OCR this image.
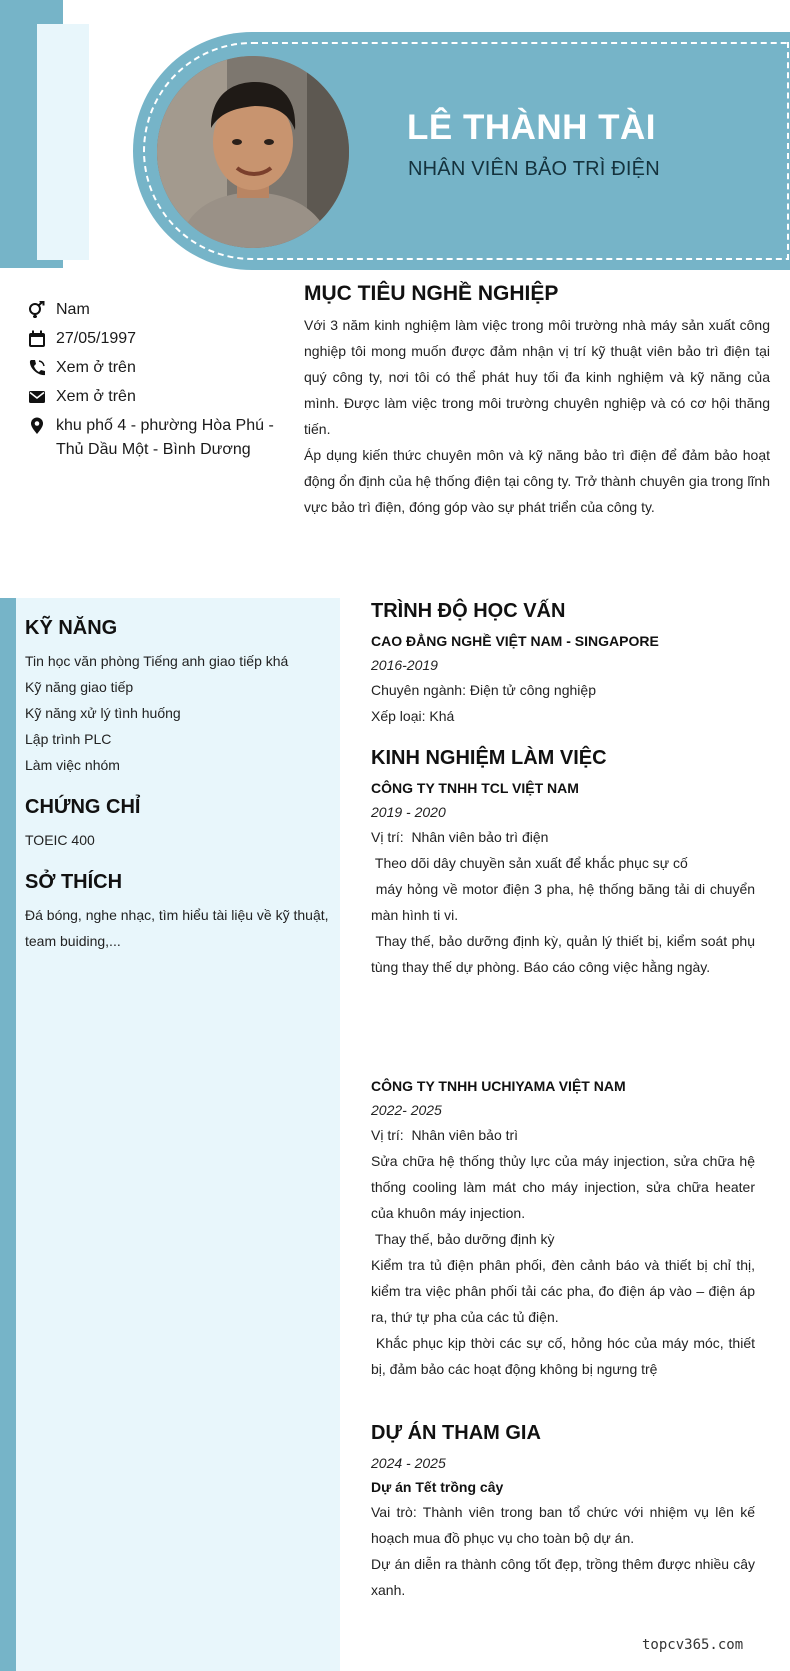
LÊ THÀNH TÀI
NHÂN VIÊN BẢO TRÌ ĐIỆN
Nam
27/05/1997
Xem ở trên
Xem ở trên
khu phố 4 - phường Hòa Phú - Thủ Dầu Một - Bình Dương
MỤC TIÊU NGHỀ NGHIỆP
Với 3 năm kinh nghiệm làm việc trong môi trường nhà máy sản xuất công nghiệp tôi mong muốn được đảm nhận vị trí kỹ thuật viên bảo trì điện tại quý công ty, nơi tôi có thể phát huy tối đa kinh nghiệm và kỹ năng của mình. Được làm việc trong môi trường chuyên nghiệp và có cơ hội thăng tiến.
Áp dụng kiến thức chuyên môn và kỹ năng bảo trì điện để đảm bảo hoạt động ổn định của hệ thống điện tại công ty. Trở thành chuyên gia trong lĩnh vực bảo trì điện, đóng góp vào sự phát triển của công ty.
KỸ NĂNG
Tin học văn phòng Tiếng anh giao tiếp khá
Kỹ năng giao tiếp
Kỹ năng xử lý tình huống
Lập trình PLC
Làm việc nhóm
CHỨNG CHỈ
TOEIC 400
SỞ THÍCH
Đá bóng, nghe nhạc, tìm hiểu tài liệu về kỹ thuật, team buiding,...
TRÌNH ĐỘ HỌC VẤN
CAO ĐẲNG NGHỀ VIỆT NAM - SINGAPORE
2016-2019
Chuyên ngành: Điện tử công nghiệp
Xếp loại: Khá
KINH NGHIỆM LÀM VIỆC
CÔNG TY TNHH TCL VIỆT NAM
2019 - 2020
Vị trí:  Nhân viên bảo trì điện
Theo dõi dây chuyền sản xuất để khắc phục sự cố
máy hỏng về motor điện 3 pha, hệ thống băng tải di chuyển màn hình ti vi.
Thay thế, bảo dưỡng định kỳ, quản lý thiết bị, kiểm soát phụ tùng thay thế dự phòng. Báo cáo công việc hằng ngày.
CÔNG TY TNHH UCHIYAMA VIỆT NAM
2022- 2025
Vị trí:  Nhân viên bảo trì
Sửa chữa hệ thống thủy lực của máy injection, sửa chữa hệ thống cooling làm mát cho máy injection, sửa chữa heater của khuôn máy injection.
Thay thế, bảo dưỡng định kỳ
Kiểm tra tủ điện phân phối, đèn cảnh báo và thiết bị chỉ thị, kiểm tra việc phân phối tải các pha, đo điện áp vào – điện áp ra, thứ tự pha của các tủ điện.
Khắc phục kịp thời các sự cố, hỏng hóc của máy móc, thiết bị, đảm bảo các hoạt động không bị ngưng trệ
DỰ ÁN THAM GIA
2024 - 2025
Dự án Tết trồng cây
Vai trò: Thành viên trong ban tổ chức với nhiệm vụ lên kế hoạch mua đồ phục vụ cho toàn bộ dự án.
Dự án diễn ra thành công tốt đẹp, trồng thêm được nhiều cây xanh.
topcv365.com
